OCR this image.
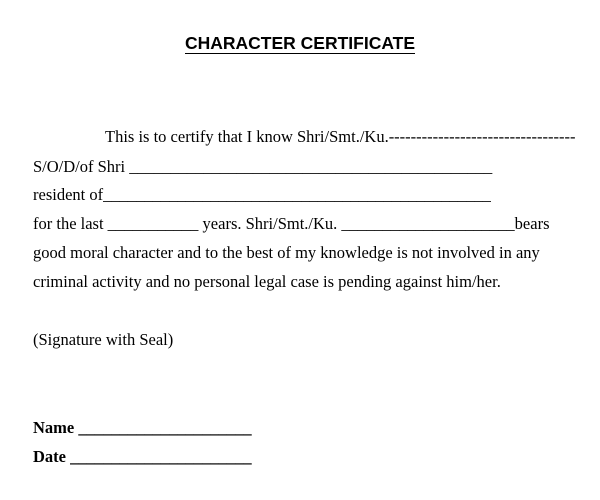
CHARACTER CERTIFICATE

This is to certify that I know Shri/Smt./Ku.----------------------------------

S/O/D/of Shri ____________________________________________

resident of_______________________________________________

for the last ___________ years. Shri/Smt./Ku. _____________________bears

good moral character and to the best of my knowledge is not involved in any

criminal activity and no personal legal case is pending against him/her.

(Signature with Seal)

Name _____________________

Date ______________________
